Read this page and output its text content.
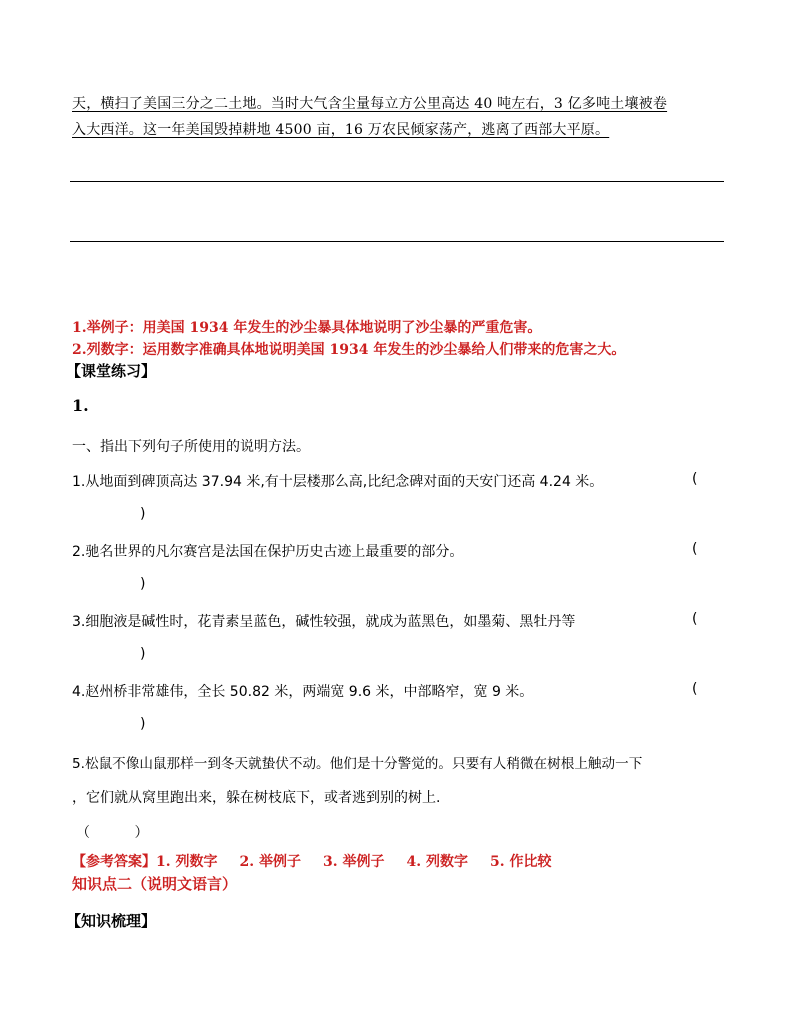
天，横扫了美国三分之二土地。当时大气含尘量每立方公里高达 40 吨左右，3 亿多吨土壤被卷
入大西洋。这一年美国毁掉耕地 4500 亩，16 万农民倾家荡产，逃离了西部大平原。
1.举例子：用美国 1934 年发生的沙尘暴具体地说明了沙尘暴的严重危害。
2.列数字：运用数字准确具体地说明美国 1934 年发生的沙尘暴给人们带来的危害之大。
【课堂练习】
1.
一、指出下列句子所使用的说明方法。
1.从地面到碑顶高达 37.94 米,有十层楼那么高,比纪念碑对面的天安门还高 4.24 米。	(
)
2.驰名世界的凡尔赛宫是法国在保护历史古迹上最重要的部分。	(
)
3.细胞液是碱性时，花青素呈蓝色，碱性较强，就成为蓝黑色，如墨菊、黑牡丹等	(
)
4.赵州桥非常雄伟，全长 50.82 米，两端宽 9.6 米，中部略窄，宽 9 米。	(
)
5.松鼠不像山鼠那样一到冬天就蛰伏不动。他们是十分警觉的。只要有人稍微在树根上触动一下
，它们就从窝里跑出来，躲在树枝底下，或者逃到别的树上.
（          ）
【参考答案】1. 列数字 2. 举例子 3. 举例子 4. 列数字 5. 作比较
知识点二（说明文语言）
【知识梳理】
